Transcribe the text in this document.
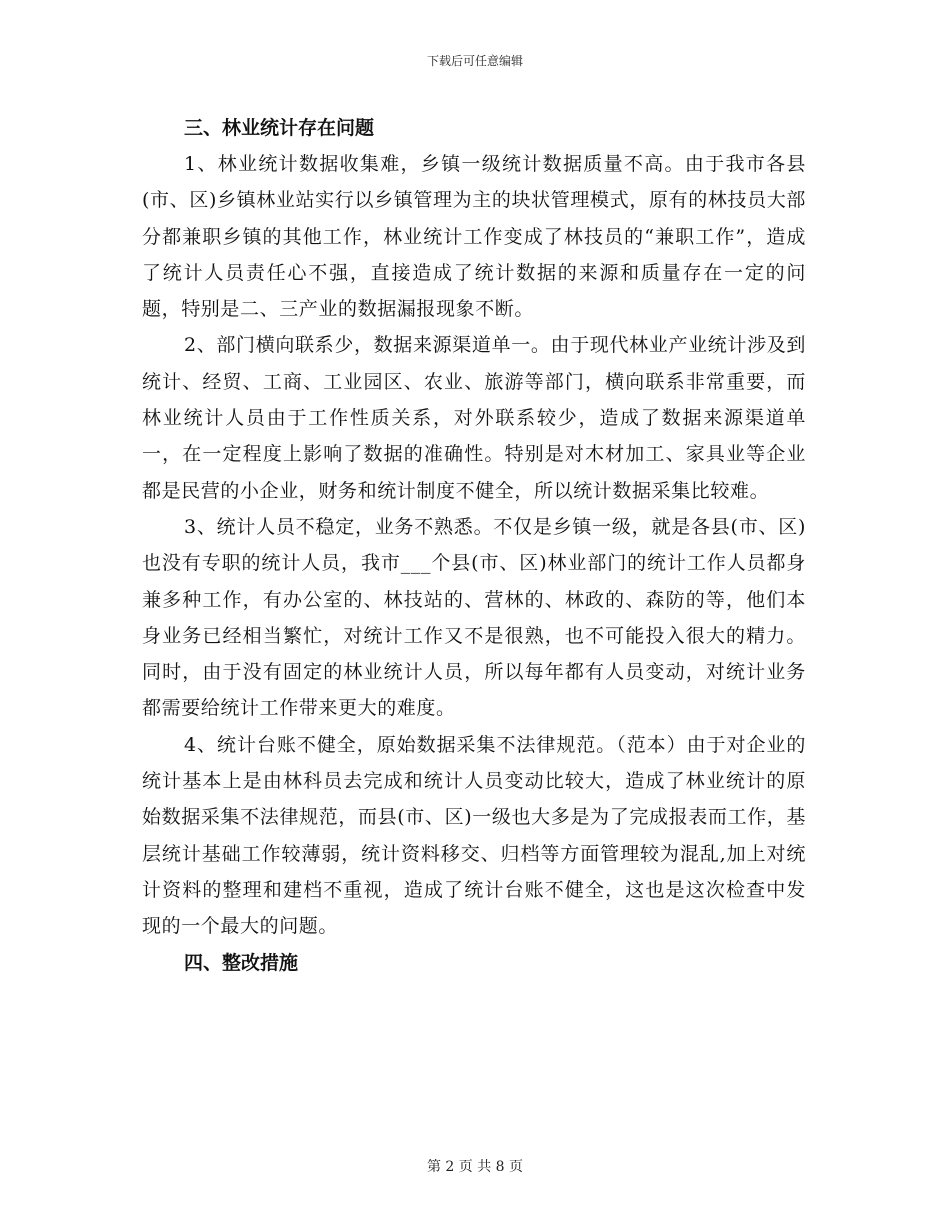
下载后可任意编辑
三、林业统计存在问题

1、林业统计数据收集难，乡镇一级统计数据质量不高。由于我市各县(市、区)乡镇林业站实行以乡镇管理为主的块状管理模式，原有的林技员大部分都兼职乡镇的其他工作，林业统计工作变成了林技员的“兼职工作”，造成了统计人员责任心不强，直接造成了统计数据的来源和质量存在一定的问题，特别是二、三产业的数据漏报现象不断。

2、部门横向联系少，数据来源渠道单一。由于现代林业产业统计涉及到统计、经贸、工商、工业园区、农业、旅游等部门，横向联系非常重要，而林业统计人员由于工作性质关系，对外联系较少，造成了数据来源渠道单一，在一定程度上影响了数据的准确性。特别是对木材加工、家具业等企业都是民营的小企业，财务和统计制度不健全，所以统计数据采集比较难。

3、统计人员不稳定，业务不熟悉。不仅是乡镇一级，就是各县(市、区)也没有专职的统计人员，我市___个县(市、区)林业部门的统计工作人员都身兼多种工作，有办公室的、林技站的、营林的、林政的、森防的等，他们本身业务已经相当繁忙，对统计工作又不是很熟，也不可能投入很大的精力。同时，由于没有固定的林业统计人员，所以每年都有人员变动，对统计业务都需要给统计工作带来更大的难度。

4、统计台账不健全，原始数据采集不法律规范。（范本）由于对企业的统计基本上是由林科员去完成和统计人员变动比较大，造成了林业统计的原始数据采集不法律规范，而县(市、区)一级也大多是为了完成报表而工作，基层统计基础工作较薄弱，统计资料移交、归档等方面管理较为混乱,加上对统计资料的整理和建档不重视，造成了统计台账不健全，这也是这次检查中发现的一个最大的问题。

四、整改措施
第 2 页 共 8 页
